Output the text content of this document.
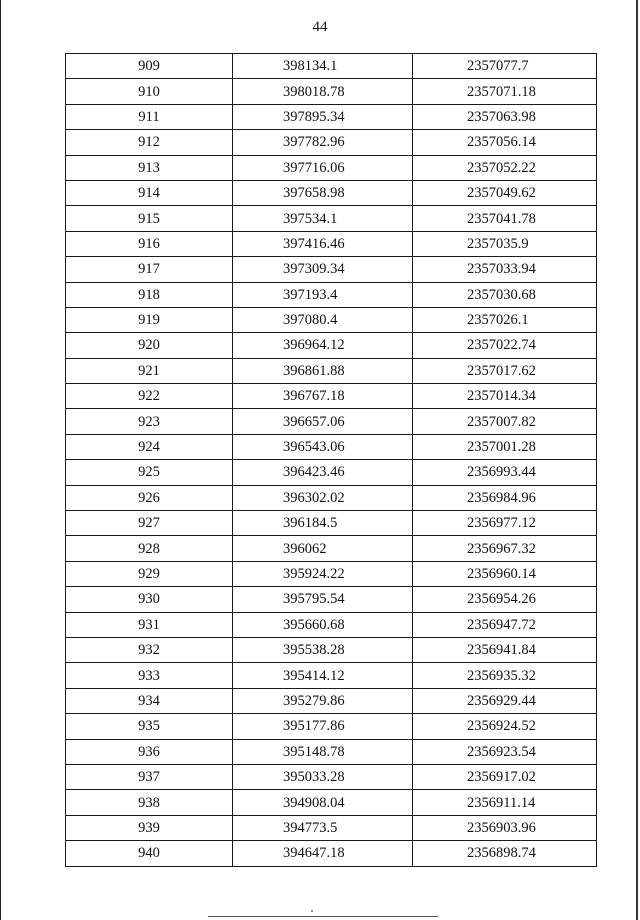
44
909	398134.1	2357077.7
910	398018.78	2357071.18
911	397895.34	2357063.98
912	397782.96	2357056.14
913	397716.06	2357052.22
914	397658.98	2357049.62
915	397534.1	2357041.78
916	397416.46	2357035.9
917	397309.34	2357033.94
918	397193.4	2357030.68
919	397080.4	2357026.1
920	396964.12	2357022.74
921	396861.88	2357017.62
922	396767.18	2357014.34
923	396657.06	2357007.82
924	396543.06	2357001.28
925	396423.46	2356993.44
926	396302.02	2356984.96
927	396184.5	2356977.12
928	396062	2356967.32
929	395924.22	2356960.14
930	395795.54	2356954.26
931	395660.68	2356947.72
932	395538.28	2356941.84
933	395414.12	2356935.32
934	395279.86	2356929.44
935	395177.86	2356924.52
936	395148.78	2356923.54
937	395033.28	2356917.02
938	394908.04	2356911.14
939	394773.5	2356903.96
940	394647.18	2356898.74
